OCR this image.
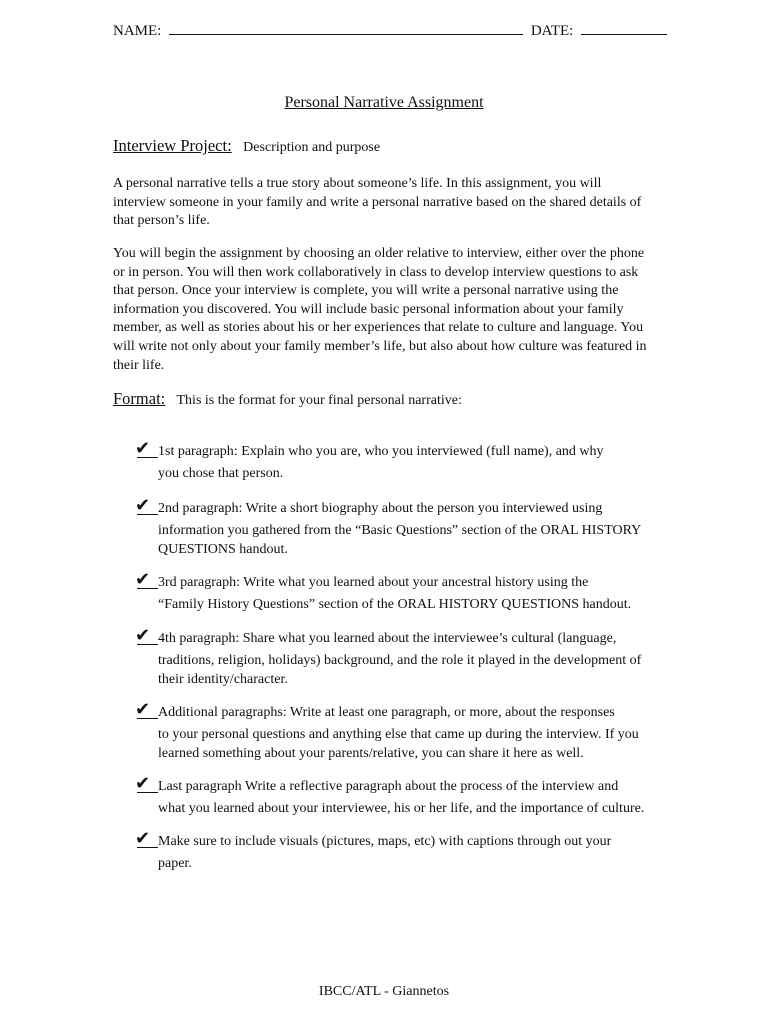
NAME:	DATE:
Personal Narrative Assignment
Interview Project: Description and purpose

A personal narrative tells a true story about someone’s life. In this assignment, you will interview someone in your family and write a personal narrative based on the shared details of that person’s life.

You will begin the assignment by choosing an older relative to interview, either over the phone or in person. You will then work collaboratively in class to develop interview questions to ask that person. Once your interview is complete, you will write a personal narrative using the information you discovered. You will include basic personal information about your family member, as well as stories about his or her experiences that relate to culture and language. You will write not only about your family member’s life, but also about how culture was featured in their life.

Format: This is the format for your final personal narrative:
✔ 1st paragraph: Explain who you are, who you interviewed (full name), and why
you chose that person.
✔ 2nd paragraph: Write a short biography about the person you interviewed using
information you gathered from the “Basic Questions” section of the ORAL HISTORY QUESTIONS handout.
✔ 3rd paragraph: Write what you learned about your ancestral history using the
“Family History Questions” section of the ORAL HISTORY QUESTIONS handout.
✔ 4th paragraph: Share what you learned about the interviewee’s cultural (language,
traditions, religion, holidays) background, and the role it played in the development of their identity/character.
✔ Additional paragraphs: Write at least one paragraph, or more, about the responses
to your personal questions and anything else that came up during the interview. If you learned something about your parents/relative, you can share it here as well.
✔ Last paragraph Write a reflective paragraph about the process of the interview and
what you learned about your interviewee, his or her life, and the importance of culture.
✔ Make sure to include visuals (pictures, maps, etc) with captions through out your
paper.
IBCC/ATL - Giannetos
